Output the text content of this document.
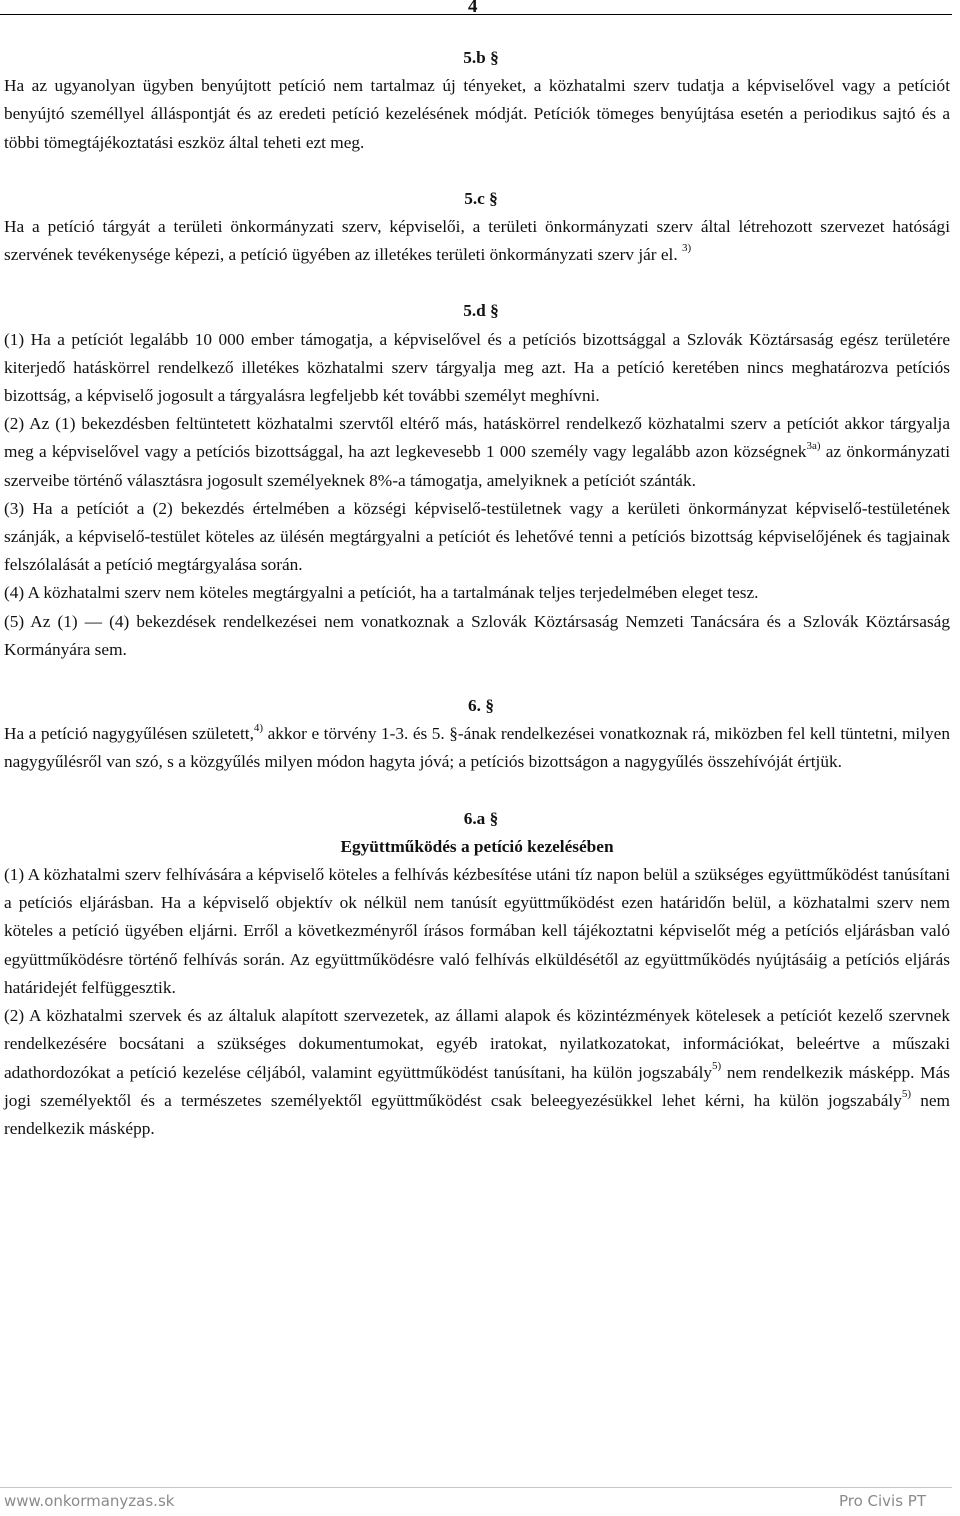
4
5.b §

Ha az ugyanolyan ügyben benyújtott petíció nem tartalmaz új tényeket, a közhatalmi szerv tudatja a képviselővel vagy a petíciót benyújtó személlyel álláspontját és az eredeti petíció kezelésének módját. Petíciók tömeges benyújtása esetén a periodikus sajtó és a többi tömegtájékoztatási eszköz által teheti ezt meg.

5.c §

Ha a petíció tárgyát a területi önkormányzati szerv, képviselői, a területi önkormányzati szerv által létrehozott szervezet hatósági szervének tevékenysége képezi, a petíció ügyében az illetékes területi önkormányzati szerv jár el. $^{3)}$

5.d §

(1) Ha a petíciót legalább 10 000 ember támogatja, a képviselővel és a petíciós bizottsággal a Szlovák Köztársaság egész területére kiterjedő hatáskörrel rendelkező illetékes közhatalmi szerv tárgyalja meg azt. Ha a petíció keretében nincs meghatározva petíciós bizottság, a képviselő jogosult a tárgyalásra legfeljebb két további személyt meghívni.

(2) Az (1) bekezdésben feltüntetett közhatalmi szervtől eltérő más, hatáskörrel rendelkező közhatalmi szerv a petíciót akkor tárgyalja meg a képviselővel vagy a petíciós bizottsággal, ha azt legkevesebb 1 000 személy vagy legalább azon községnek$^{3a)}$ az önkormányzati szerveibe történő választásra jogosult személyeknek 8%-a támogatja, amelyiknek a petíciót szánták.

(3) Ha a petíciót a (2) bekezdés értelmében a községi képviselő-testületnek vagy a kerületi önkormányzat képviselő-testületének szánják, a képviselő-testület köteles az ülésén megtárgyalni a petíciót és lehetővé tenni a petíciós bizottság képviselőjének és tagjainak felszólalását a petíció megtárgyalása során.

(4) A közhatalmi szerv nem köteles megtárgyalni a petíciót, ha a tartalmának teljes terjedelmében eleget tesz.

(5) Az (1) — (4) bekezdések rendelkezései nem vonatkoznak a Szlovák Köztársaság Nemzeti Tanácsára és a Szlovák Köztársaság Kormányára sem.

6. §

Ha a petíció nagygyűlésen született,$^{4)}$ akkor e törvény 1-3. és 5. §-ának rendelkezései vonatkoznak rá, miközben fel kell tüntetni, milyen nagygyűlésről van szó, s a közgyűlés milyen módon hagyta jóvá; a petíciós bizottságon a nagygyűlés összehívóját értjük.

6.a §
Együttműködés a petíció kezelésében

(1) A közhatalmi szerv felhívására a képviselő köteles a felhívás kézbesítése utáni tíz napon belül a szükséges együttműködést tanúsítani a petíciós eljárásban. Ha a képviselő objektív ok nélkül nem tanúsít együttműködést ezen határidőn belül, a közhatalmi szerv nem köteles a petíció ügyében eljárni. Erről a következményről írásos formában kell tájékoztatni képviselőt még a petíciós eljárásban való együttműködésre történő felhívás során. Az együttműködésre való felhívás elküldésétől az együttműködés nyújtásáig a petíciós eljárás határidejét felfüggesztik.

(2) A közhatalmi szervek és az általuk alapított szervezetek, az állami alapok és közintézmények kötelesek a petíciót kezelő szervnek rendelkezésére bocsátani a szükséges dokumentumokat, egyéb iratokat, nyilatkozatokat, információkat, beleértve a műszaki adathordozókat a petíció kezelése céljából, valamint együttműködést tanúsítani, ha külön jogszabály$^{5)}$ nem rendelkezik másképp. Más jogi személyektől és a természetes személyektől együttműködést csak beleegyezésükkel lehet kérni, ha külön jogszabály$^{5)}$ nem rendelkezik másképp.

www.onkormanyzas.sk	Pro Civis PT
